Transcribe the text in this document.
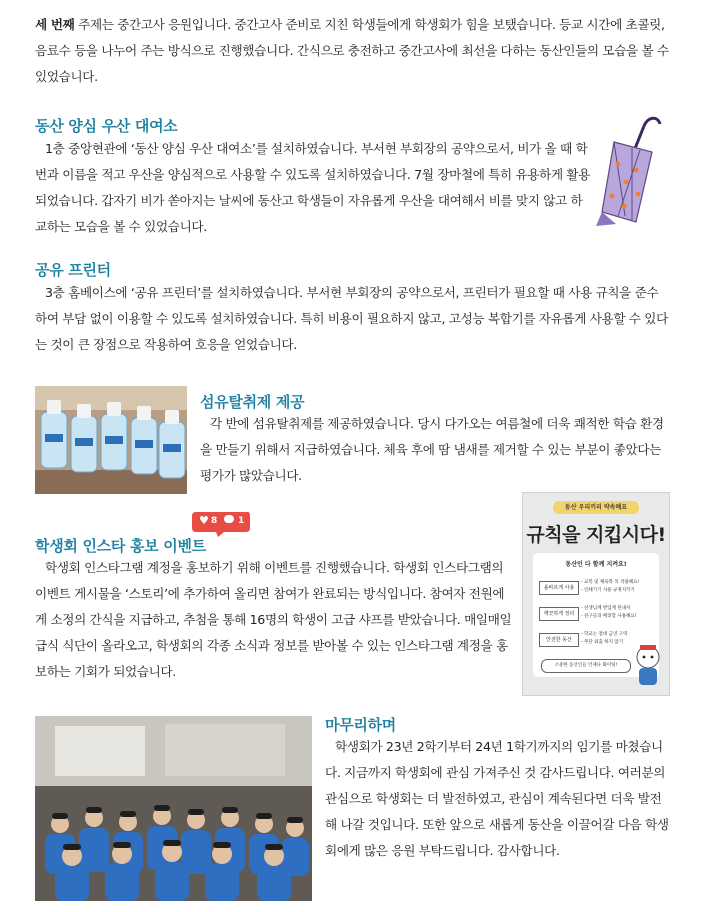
세 번째 주제는 중간고사 응원입니다. 중간고사 준비로 지친 학생들에게 학생회가 힘을 보탰습니다. 등교 시간에 초콜릿, 음료수 등을 나누어 주는 방식으로 진행했습니다. 간식으로 충전하고 중간고사에 최선을 다하는 동산인들의 모습을 볼 수 있었습니다.

동산 양심 우산 대여소

1층 중앙현관에 ‘동산 양심 우산 대여소’를 설치하였습니다. 부서현 부회장의 공약으로서, 비가 올 때 학번과 이름을 적고 우산을 양심적으로 사용할 수 있도록 설치하였습니다. 7월 장마철에 특히 유용하게 활용되었습니다. 갑자기 비가 쏟아지는 날씨에 동산고 학생들이 자유롭게 우산을 대여해서 비를 맞지 않고 하교하는 모습을 볼 수 있었습니다.

공유 프린터

3층 홈베이스에 ‘공유 프린터’를 설치하였습니다. 부서현 부회장의 공약으로서, 프린터가 필요할 때 사용 규칙을 준수하여 부담 없이 이용할 수 있도록 설치하였습니다. 특히 비용이 필요하지 않고, 고성능 복합기를 자유롭게 사용할 수 있다는 것이 큰 장점으로 작용하여 호응을 얻었습니다.

섬유탈취제 제공

각 반에 섬유탈취제를 제공하였습니다. 당시 다가오는 여름철에 더욱 쾌적한 학습 환경을 만들기 위해서 지급하였습니다. 체육 후에 땀 냄새를 제거할 수 있는 부분이 좋았다는 평가가 많았습니다.

학생회 인스타 홍보 이벤트
♥ 8 1

학생회 인스타그램 계정을 홍보하기 위해 이벤트를 진행했습니다. 학생회 인스타그램의 이벤트 게시물을 ‘스토리’에 추가하여 올리면 참여가 완료되는 방식입니다. 참여자 전원에게 소정의 간식을 지급하고, 추첨을 통해 16명의 학생이 고급 샤프를 받았습니다. 매일매일 급식 식단이 올라오고, 학생회의 각종 소식과 정보를 받아볼 수 있는 인스타그램 계정을 홍보하는 기회가 되었습니다.

동산 우리끼리 약속해요
규칙을 지킵시다!
동산인 다 함께 지켜요!
올바르게 사용
- 교복 및 체육복 꼭 착용해요!
- 인쇄기기 사용 규정지키기
깨끗하게 정리
- 선생님께 반입계 된내서
- 친구들과 배려할 사용해요!
안전한 동산
- 학교는 절대 금연 구역
- 무단 외출 하지 않기
소중한 동산인들 언제나 화이팅!
마무리하며

학생회가 23년 2학기부터 24년 1학기까지의 임기를 마쳤습니다. 지금까지 학생회에 관심 가져주신 것 감사드립니다. 여러분의 관심으로 학생회는 더 발전하였고, 관심이 계속된다면 더욱 발전해 나갈 것입니다. 또한 앞으로 새롭게 동산을 이끌어갈 다음 학생회에게 많은 응원 부탁드립니다. 감사합니다.
